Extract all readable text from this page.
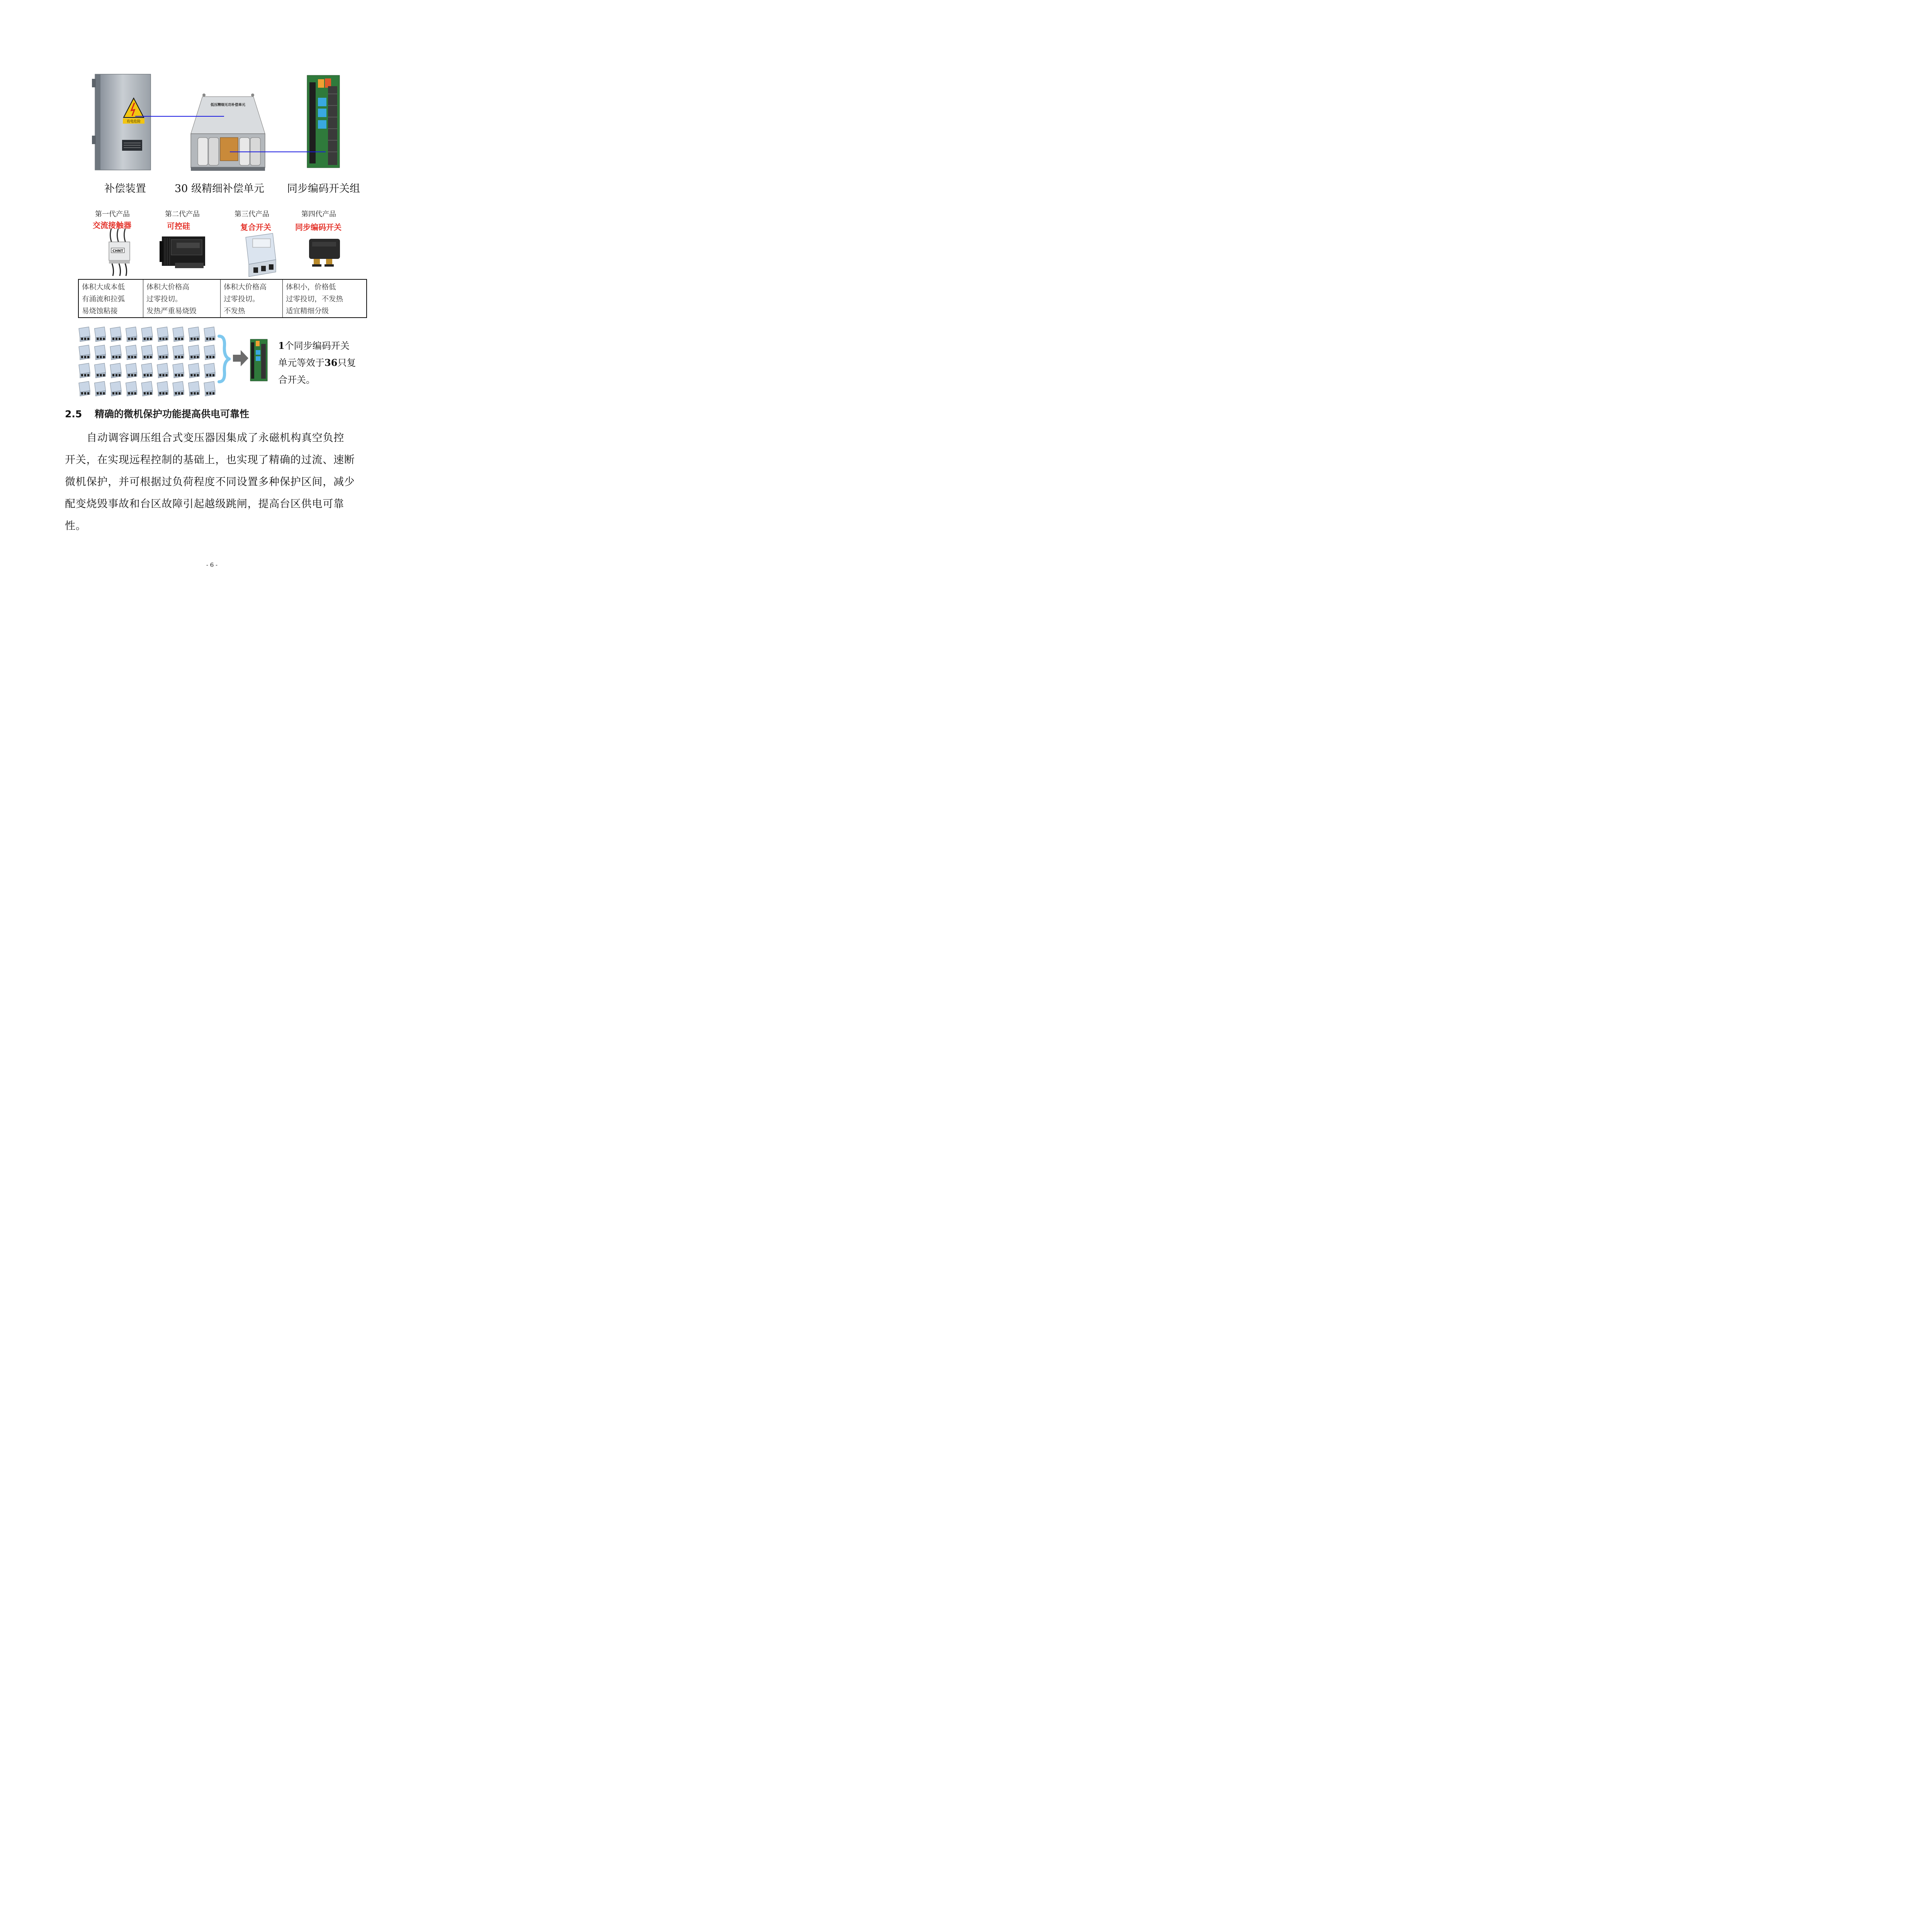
有电危险
低压精细无功补偿单元
补偿装置	30 级精细补偿单元 同步编码开关组
第一代产品
交流接触器
第二代产品
可控硅
第三代产品
复合开关
第四代产品
同步编码开关
CHNT
体积大成本低
有涌流和拉弧
易烧蚀粘接
体积大价格高
过零投切。
发热严重易烧毁
体积大价格高
过零投切。
不发热
体积小，价格低
过零投切，不发热
适宜精细分级
1个同步编码开关
单元等效于36只复
合开关。
2.5 精确的微机保护功能提高供电可靠性
自动调容调压组合式变压器因集成了永磁机构真空负控
开关，在实现远程控制的基础上，也实现了精确的过流、速断
微机保护，并可根据过负荷程度不同设置多种保护区间，减少
配变烧毁事故和台区故障引起越级跳闸，提高台区供电可靠
性。
- 6 -
